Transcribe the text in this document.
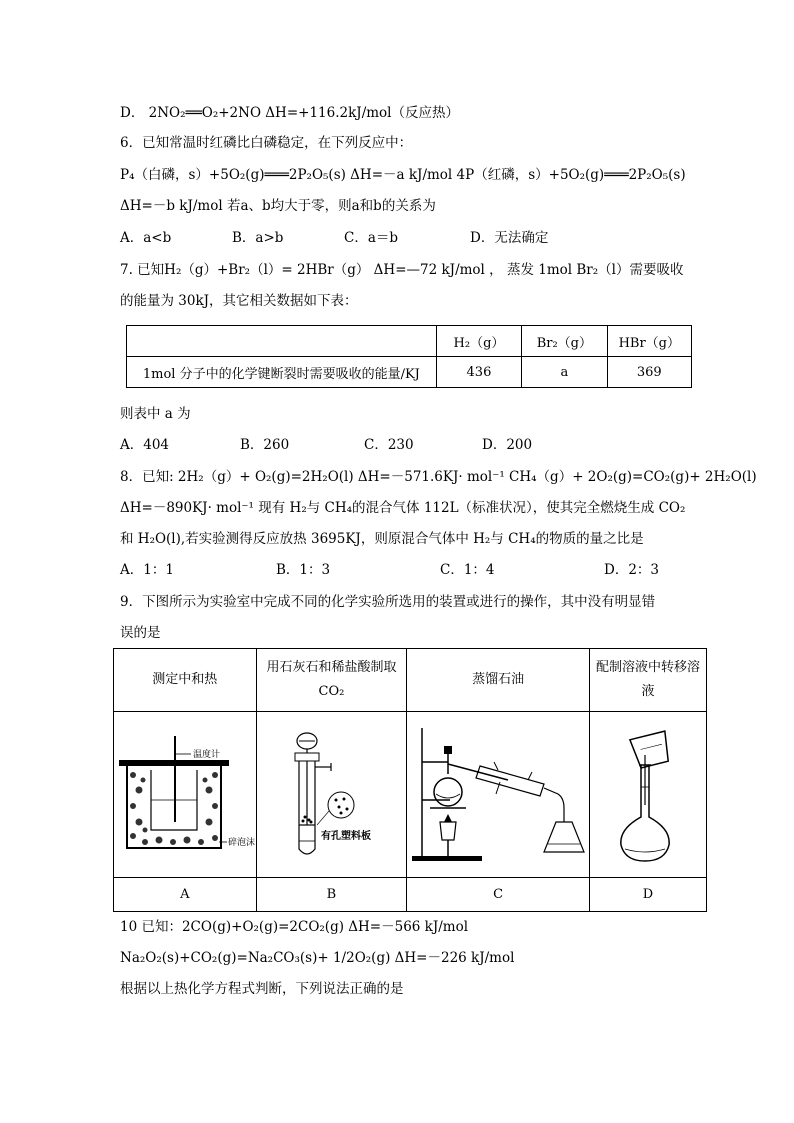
D． 2NO₂══O₂+2NO ΔH=+116.2kJ/mol（反应热）
6．已知常温时红磷比白磷稳定，在下列反应中：
P₄（白磷，s）+5O₂(g)═══2P₂O₅(s) ΔH=－a kJ/mol 4P（红磷，s）+5O₂(g)═══2P₂O₅(s)
ΔH=－b kJ/mol 若a、b均大于零，则a和b的关系为
A．a<b	B．a>b	C．a＝b	D．无法确定
7. 已知H₂（g）+Br₂（l）= 2HBr（g） ΔH=—72 kJ/mol ， 蒸发 1mol Br₂（l）需要吸收
的能量为 30kJ，其它相关数据如下表：
	H₂（g）	Br₂（g）	HBr（g）
1mol 分子中的化学键断裂时需要吸收的能量/KJ	436	a	369
则表中 a 为
A．404	B．260	C．230	D．200
8．已知: 2H₂（g）+ O₂(g)=2H₂O(l) ΔH=－571.6KJ· mol⁻¹ CH₄（g）+ 2O₂(g)=CO₂(g)+ 2H₂O(l)
ΔH=－890KJ· mol⁻¹ 现有 H₂与 CH₄的混合气体 112L（标准状况），使其完全燃烧生成 CO₂
和 H₂O(l),若实验测得反应放热 3695KJ，则原混合气体中 H₂与 CH₄的物质的量之比是
A．1：1	B．1：3	C．1：4	D．2：3
9．下图所示为实验室中完成不同的化学实验所选用的装置或进行的操作，其中没有明显错
误的是
测定中和热	用石灰石和稀盐酸制取 CO₂	蒸馏石油	配制溶液中转移溶液

温度计
碎泡沫	有孔塑料板

A	B	C	D
10 已知：2CO(g)+O₂(g)=2CO₂(g) ΔH=－566 kJ/mol
Na₂O₂(s)+CO₂(g)=Na₂CO₃(s)+ 1/2O₂(g) ΔH=－226 kJ/mol
根据以上热化学方程式判断，下列说法正确的是
